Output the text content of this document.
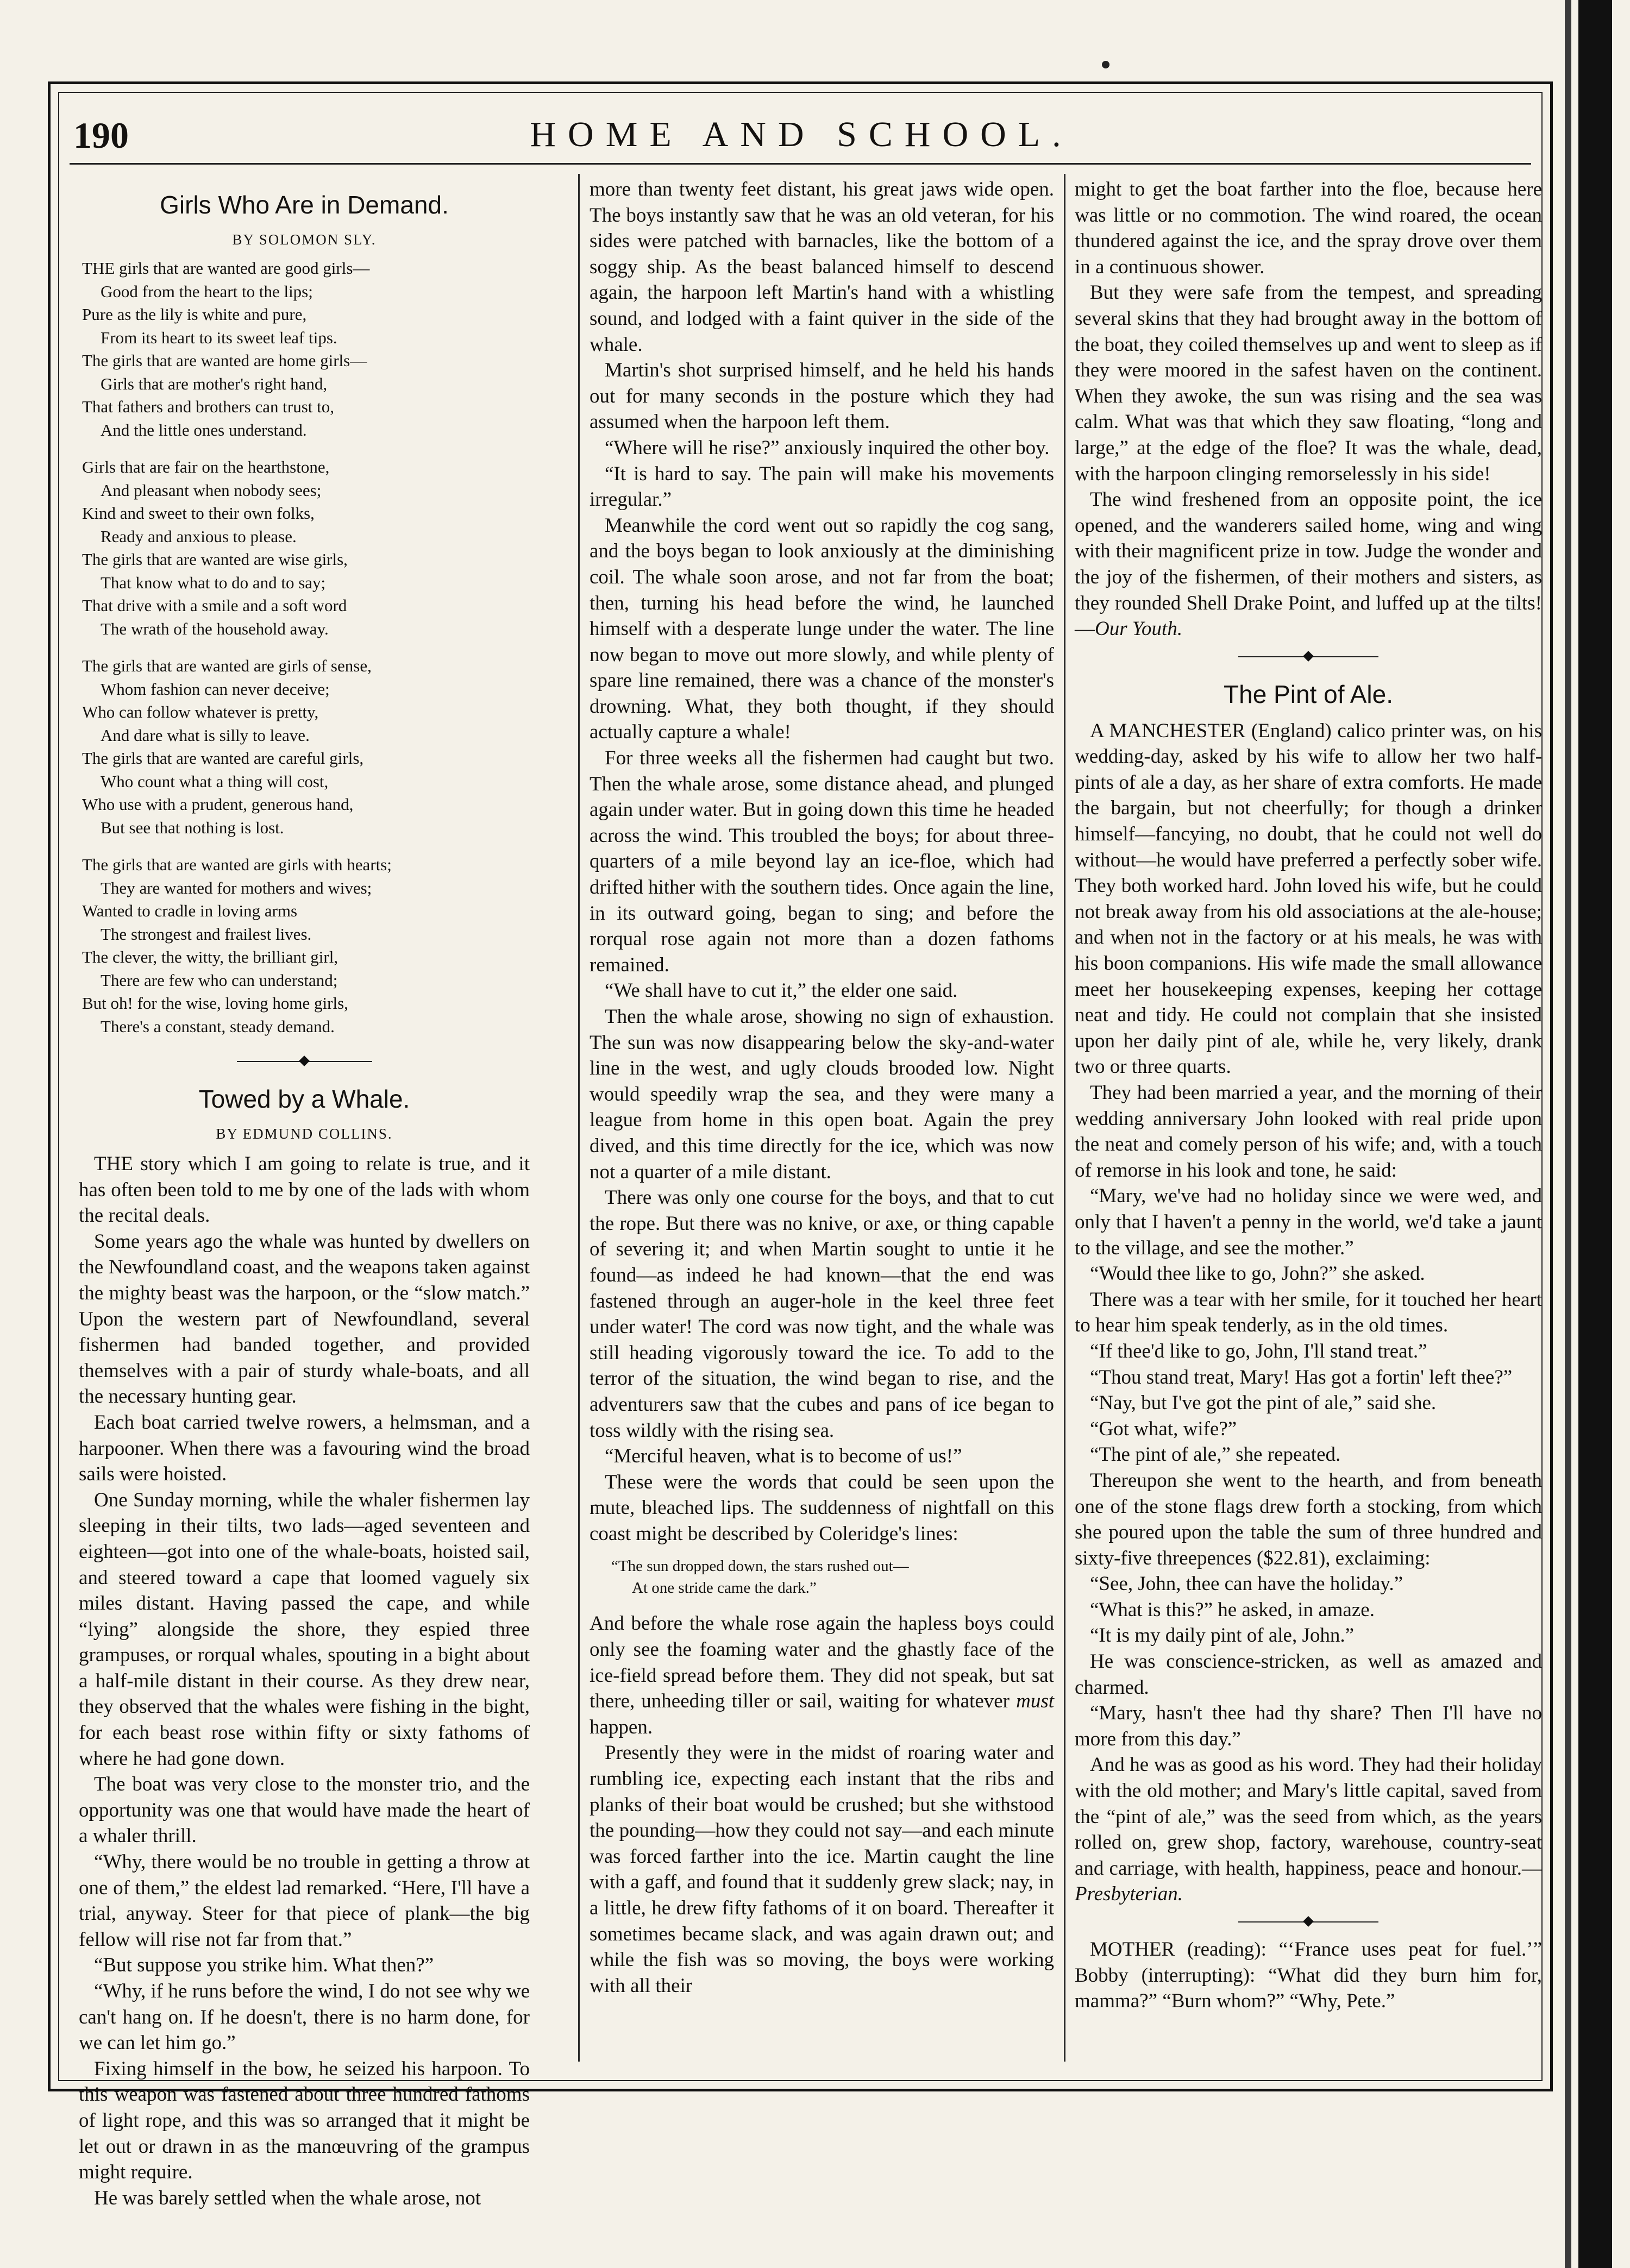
190	HOME AND SCHOOL.
Girls Who Are in Demand.
BY SOLOMON SLY.
THE girls that are wanted are good girls—
Good from the heart to the lips;
Pure as the lily is white and pure,
From its heart to its sweet leaf tips.
The girls that are wanted are home girls—
Girls that are mother's right hand,
That fathers and brothers can trust to,
And the little ones understand.
Girls that are fair on the hearthstone,
And pleasant when nobody sees;
Kind and sweet to their own folks,
Ready and anxious to please.
The girls that are wanted are wise girls,
That know what to do and to say;
That drive with a smile and a soft word
The wrath of the household away.
The girls that are wanted are girls of sense,
Whom fashion can never deceive;
Who can follow whatever is pretty,
And dare what is silly to leave.
The girls that are wanted are careful girls,
Who count what a thing will cost,
Who use with a prudent, generous hand,
But see that nothing is lost.
The girls that are wanted are girls with hearts;
They are wanted for mothers and wives;
Wanted to cradle in loving arms
The strongest and frailest lives.
The clever, the witty, the brilliant girl,
There are few who can understand;
But oh! for the wise, loving home girls,
There's a constant, steady demand.
Towed by a Whale.
BY EDMUND COLLINS.

THE story which I am going to relate is true, and it has often been told to me by one of the lads with whom the recital deals.

Some years ago the whale was hunted by dwellers on the Newfoundland coast, and the weapons taken against the mighty beast was the harpoon, or the “slow match.” Upon the western part of Newfoundland, several fishermen had banded together, and provided themselves with a pair of sturdy whale-boats, and all the necessary hunting gear.

Each boat carried twelve rowers, a helmsman, and a harpooner. When there was a favouring wind the broad sails were hoisted.

One Sunday morning, while the whaler fishermen lay sleeping in their tilts, two lads—aged seventeen and eighteen—got into one of the whale-boats, hoisted sail, and steered toward a cape that loomed vaguely six miles distant. Having passed the cape, and while “lying” alongside the shore, they espied three grampuses, or rorqual whales, spouting in a bight about a half-mile distant in their course. As they drew near, they observed that the whales were fishing in the bight, for each beast rose within fifty or sixty fathoms of where he had gone down.

The boat was very close to the monster trio, and the opportunity was one that would have made the heart of a whaler thrill.

“Why, there would be no trouble in getting a throw at one of them,” the eldest lad remarked. “Here, I'll have a trial, anyway. Steer for that piece of plank—the big fellow will rise not far from that.”

“But suppose you strike him. What then?”

“Why, if he runs before the wind, I do not see why we can't hang on. If he doesn't, there is no harm done, for we can let him go.”

Fixing himself in the bow, he seized his harpoon. To this weapon was fastened about three hundred fathoms of light rope, and this was so arranged that it might be let out or drawn in as the manœuvring of the grampus might require.

He was barely settled when the whale arose, not

more than twenty feet distant, his great jaws wide open. The boys instantly saw that he was an old veteran, for his sides were patched with barnacles, like the bottom of a soggy ship. As the beast balanced himself to descend again, the harpoon left Martin's hand with a whistling sound, and lodged with a faint quiver in the side of the whale.

Martin's shot surprised himself, and he held his hands out for many seconds in the posture which they had assumed when the harpoon left them.

“Where will he rise?” anxiously inquired the other boy.

“It is hard to say. The pain will make his movements irregular.”

Meanwhile the cord went out so rapidly the cog sang, and the boys began to look anxiously at the diminishing coil. The whale soon arose, and not far from the boat; then, turning his head before the wind, he launched himself with a desperate lunge under the water. The line now began to move out more slowly, and while plenty of spare line remained, there was a chance of the monster's drowning. What, they both thought, if they should actually capture a whale!

For three weeks all the fishermen had caught but two. Then the whale arose, some distance ahead, and plunged again under water. But in going down this time he headed across the wind. This troubled the boys; for about three-quarters of a mile beyond lay an ice-floe, which had drifted hither with the southern tides. Once again the line, in its outward going, began to sing; and before the rorqual rose again not more than a dozen fathoms remained.

“We shall have to cut it,” the elder one said.

Then the whale arose, showing no sign of exhaustion. The sun was now disappearing below the sky-and-water line in the west, and ugly clouds brooded low. Night would speedily wrap the sea, and they were many a league from home in this open boat. Again the prey dived, and this time directly for the ice, which was now not a quarter of a mile distant.

There was only one course for the boys, and that to cut the rope. But there was no knive, or axe, or thing capable of severing it; and when Martin sought to untie it he found—as indeed he had known—that the end was fastened through an auger-hole in the keel three feet under water! The cord was now tight, and the whale was still heading vigorously toward the ice. To add to the terror of the situation, the wind began to rise, and the adventurers saw that the cubes and pans of ice began to toss wildly with the rising sea.

“Merciful heaven, what is to become of us!”

These were the words that could be seen upon the mute, bleached lips. The suddenness of nightfall on this coast might be described by Coleridge's lines:

“The sun dropped down, the stars rushed out—
At one stride came the dark.”

And before the whale rose again the hapless boys could only see the foaming water and the ghastly face of the ice-field spread before them. They did not speak, but sat there, unheeding tiller or sail, waiting for whatever must happen.

Presently they were in the midst of roaring water and rumbling ice, expecting each instant that the ribs and planks of their boat would be crushed; but she withstood the pounding—how they could not say—and each minute was forced farther into the ice. Martin caught the line with a gaff, and found that it suddenly grew slack; nay, in a little, he drew fifty fathoms of it on board. Thereafter it sometimes became slack, and was again drawn out; and while the fish was so moving, the boys were working with all their

might to get the boat farther into the floe, because here was little or no commotion. The wind roared, the ocean thundered against the ice, and the spray drove over them in a continuous shower.

But they were safe from the tempest, and spreading several skins that they had brought away in the bottom of the boat, they coiled themselves up and went to sleep as if they were moored in the safest haven on the continent. When they awoke, the sun was rising and the sea was calm. What was that which they saw floating, “long and large,” at the edge of the floe? It was the whale, dead, with the harpoon clinging remorselessly in his side!

The wind freshened from an opposite point, the ice opened, and the wanderers sailed home, wing and wing with their magnificent prize in tow. Judge the wonder and the joy of the fishermen, of their mothers and sisters, as they rounded Shell Drake Point, and luffed up at the tilts!—Our Youth.

The Pint of Ale.

A MANCHESTER (England) calico printer was, on his wedding-day, asked by his wife to allow her two half-pints of ale a day, as her share of extra comforts. He made the bargain, but not cheerfully; for though a drinker himself—fancying, no doubt, that he could not well do without—he would have preferred a perfectly sober wife. They both worked hard. John loved his wife, but he could not break away from his old associations at the ale-house; and when not in the factory or at his meals, he was with his boon companions. His wife made the small allowance meet her housekeeping expenses, keeping her cottage neat and tidy. He could not complain that she insisted upon her daily pint of ale, while he, very likely, drank two or three quarts.

They had been married a year, and the morning of their wedding anniversary John looked with real pride upon the neat and comely person of his wife; and, with a touch of remorse in his look and tone, he said:

“Mary, we've had no holiday since we were wed, and only that I haven't a penny in the world, we'd take a jaunt to the village, and see the mother.”

“Would thee like to go, John?” she asked.

There was a tear with her smile, for it touched her heart to hear him speak tenderly, as in the old times.

“If thee'd like to go, John, I'll stand treat.”

“Thou stand treat, Mary! Has got a fortin' left thee?”

“Nay, but I've got the pint of ale,” said she.

“Got what, wife?”

“The pint of ale,” she repeated.

Thereupon she went to the hearth, and from beneath one of the stone flags drew forth a stocking, from which she poured upon the table the sum of three hundred and sixty-five threepences ($22.81), exclaiming:

“See, John, thee can have the holiday.”

“What is this?” he asked, in amaze.

“It is my daily pint of ale, John.”

He was conscience-stricken, as well as amazed and charmed.

“Mary, hasn't thee had thy share? Then I'll have no more from this day.”

And he was as good as his word. They had their holiday with the old mother; and Mary's little capital, saved from the “pint of ale,” was the seed from which, as the years rolled on, grew shop, factory, warehouse, country-seat and carriage, with health, happiness, peace and honour.—Presbyterian.

MOTHER (reading): “‘France uses peat for fuel.’” Bobby (interrupting): “What did they burn him for, mamma?” “Burn whom?” “Why, Pete.”
